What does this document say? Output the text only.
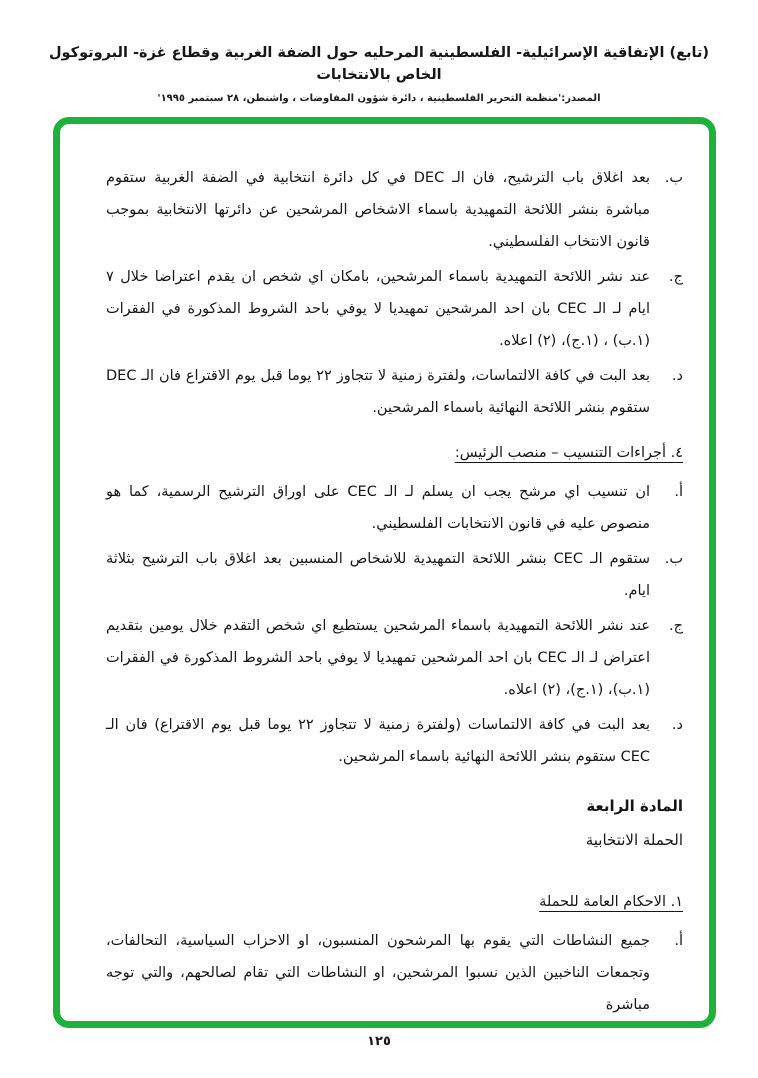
(تابع) الإتفاقية الإسرائيلية- الفلسطينية المرحليه حول الضفة الغربية وقطاع غزة- البروتوكول الخاص بالانتخابات
المصدر:'منظمة التحرير الفلسطينية ، دائرة شؤون المفاوضات ، واشنطن، ٢٨ سبتمبر ١٩٩٥'
ب.
بعد اغلاق باب الترشيح، فان الـ DEC في كل دائرة انتخابية في الضفة الغربية ستقوم مباشرة بنشر اللائحة التمهيدية باسماء الاشخاص المرشحين عن دائرتها الانتخابية بموجب قانون الانتخاب الفلسطيني.
ج.
عند نشر اللائحة التمهيدية باسماء المرشحين، بامكان اي شخص ان يقدم اعتراضا خلال ٧ ايام لـ الـ CEC بان احد المرشحين تمهيديا لا يوفي باحد الشروط المذكورة في الفقرات (١.ب) ، (١.ج)، (٢) اعلاه.
د.
بعد البت في كافة الالتماسات، ولفترة زمنية لا تتجاوز ٢٢ يوما قبل يوم الاقتراع فان الـ DEC ستقوم بنشر اللائحة النهائية باسماء المرشحين.
٤. أجراءات التنسيب – منصب الرئيس:
أ.
ان تنسيب اي مرشح يجب ان يسلم لـ الـ CEC على اوراق الترشيح الرسمية، كما هو منصوص عليه في قانون الانتخابات الفلسطيني.
ب.
ستقوم الـ CEC بنشر اللائحة التمهيدية للاشخاص المنسبين بعد اغلاق باب الترشيح بثلاثة ايام.
ج.
عند نشر اللائحة التمهيدية باسماء المرشحين يستطيع اي شخص التقدم خلال يومين بتقديم اعتراض لـ الـ CEC بان احد المرشحين تمهيديا لا يوفي باحد الشروط المذكورة في الفقرات (١.ب)، (١.ج)، (٢) اعلاه.
د.
بعد البت في كافة الالتماسات (ولفترة زمنية لا تتجاوز ٢٢ يوما قبل يوم الاقتراع) فان الـ CEC ستقوم بنشر اللائحة النهائية باسماء المرشحين.
المادة الرابعة
الحملة الانتخابية
١. الاحكام العامة للحملة
أ.
جميع النشاطات التي يقوم بها المرشحون المنسبون، او الاحزاب السياسية، التحالفات، وتجمعات الناخبين الذين نسبوا المرشحين، او النشاطات التي تقام لصالحهم، والتي توجه مباشرة
١٢٥
